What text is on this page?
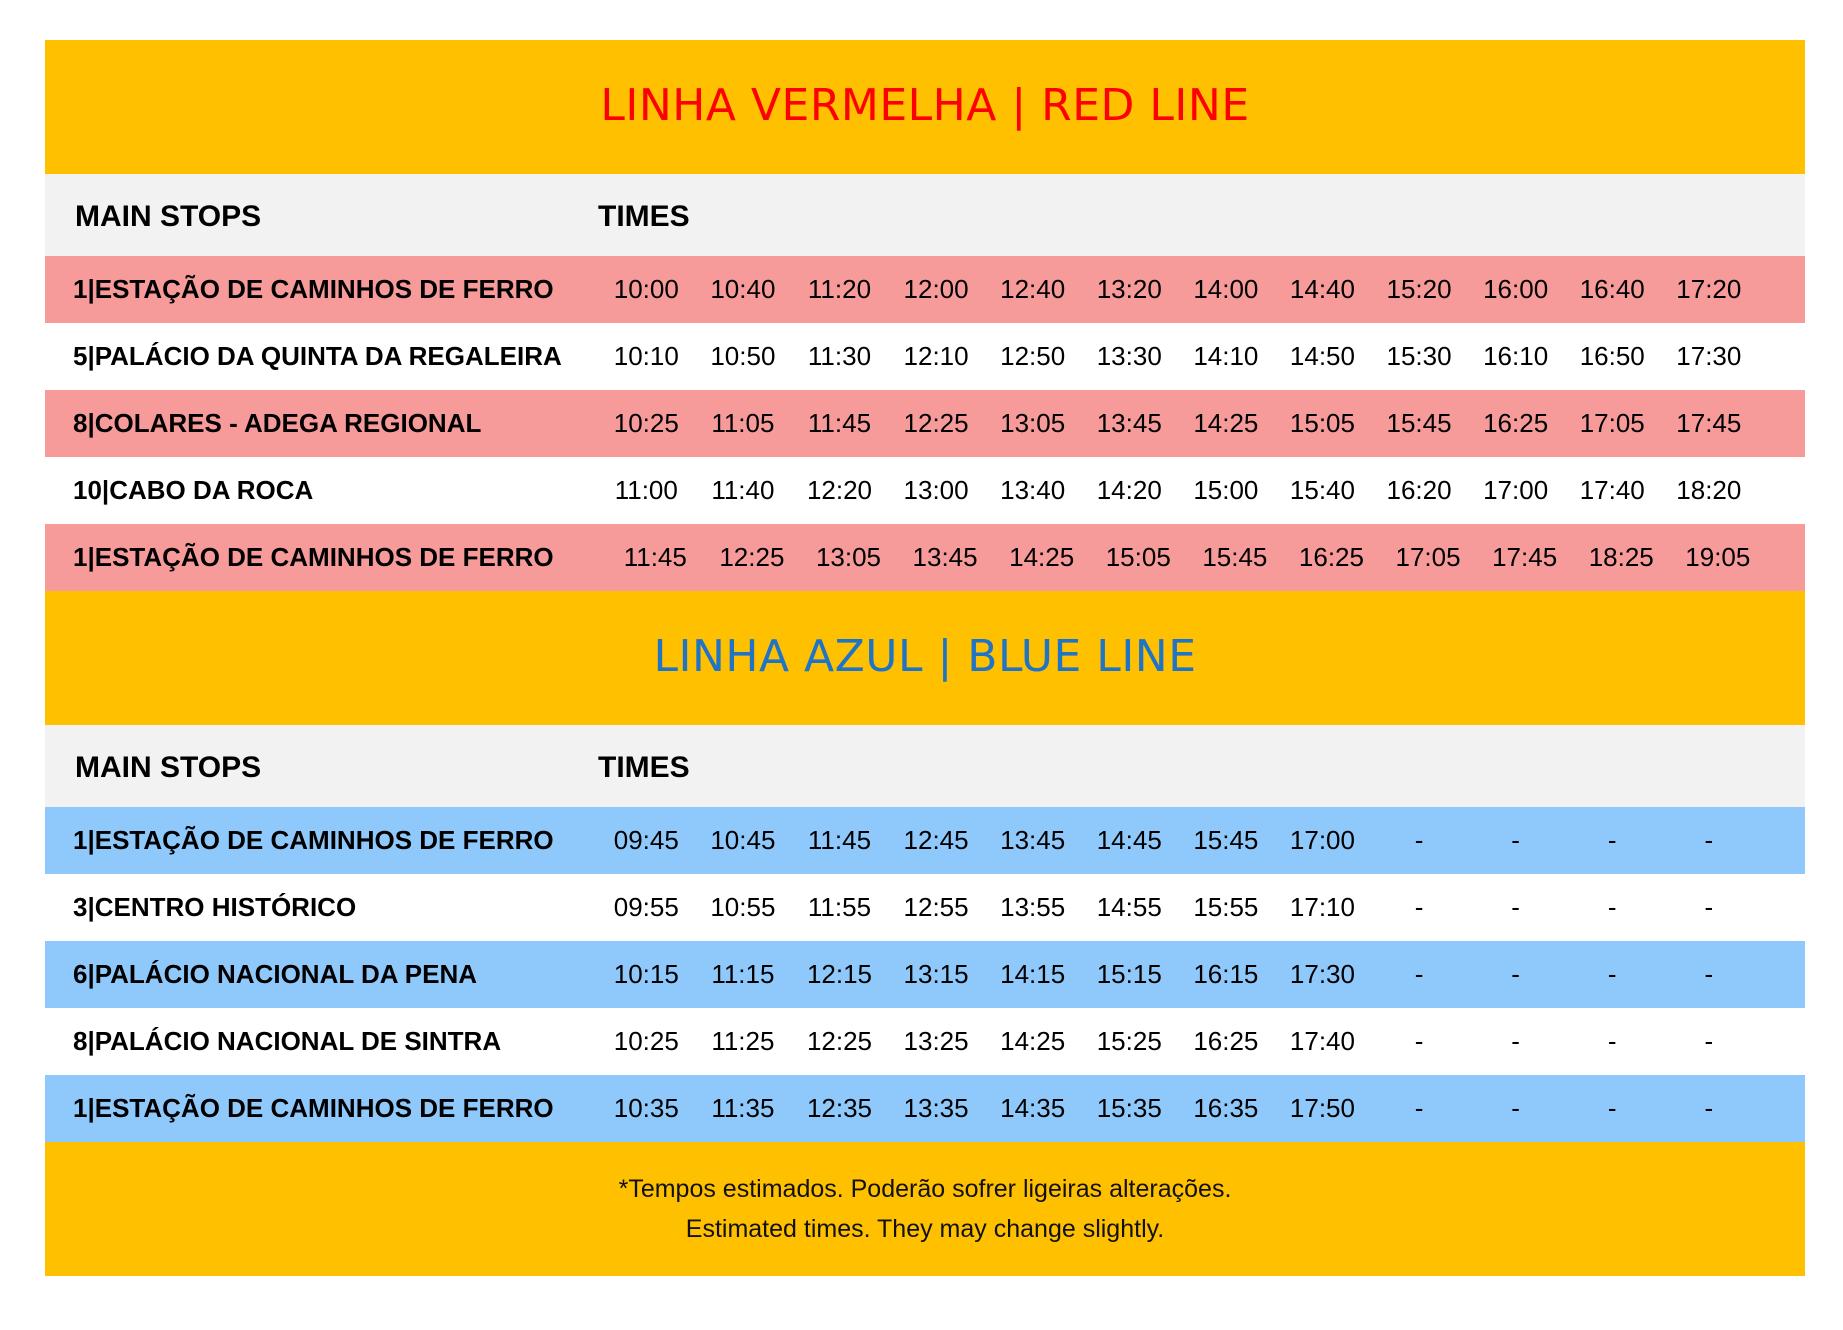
LINHA VERMELHA | RED LINE
MAIN STOPS	TIMES
1|ESTAÇÃO DE CAMINHOS DE FERRO	10:00	10:40	11:20	12:00	12:40	13:20	14:00	14:40	15:20	16:00	16:40	17:20
5|PALÁCIO DA QUINTA DA REGALEIRA	10:10	10:50	11:30	12:10	12:50	13:30	14:10	14:50	15:30	16:10	16:50	17:30
8|COLARES - ADEGA REGIONAL	10:25	11:05	11:45	12:25	13:05	13:45	14:25	15:05	15:45	16:25	17:05	17:45
10|CABO DA ROCA	11:00	11:40	12:20	13:00	13:40	14:20	15:00	15:40	16:20	17:00	17:40	18:20
1|ESTAÇÃO DE CAMINHOS DE FERRO	11:45	12:25	13:05	13:45	14:25	15:05	15:45	16:25	17:05	17:45	18:25	19:05
LINHA AZUL | BLUE LINE
MAIN STOPS	TIMES
1|ESTAÇÃO DE CAMINHOS DE FERRO	09:45	10:45	11:45	12:45	13:45	14:45	15:45	17:00	-	-	-	-
3|CENTRO HISTÓRICO	09:55	10:55	11:55	12:55	13:55	14:55	15:55	17:10	-	-	-	-
6|PALÁCIO NACIONAL DA PENA	10:15	11:15	12:15	13:15	14:15	15:15	16:15	17:30	-	-	-	-
8|PALÁCIO NACIONAL DE SINTRA	10:25	11:25	12:25	13:25	14:25	15:25	16:25	17:40	-	-	-	-
1|ESTAÇÃO DE CAMINHOS DE FERRO	10:35	11:35	12:35	13:35	14:35	15:35	16:35	17:50	-	-	-	-
*Tempos estimados. Poderão sofrer ligeiras alterações.
Estimated times. They may change slightly.
